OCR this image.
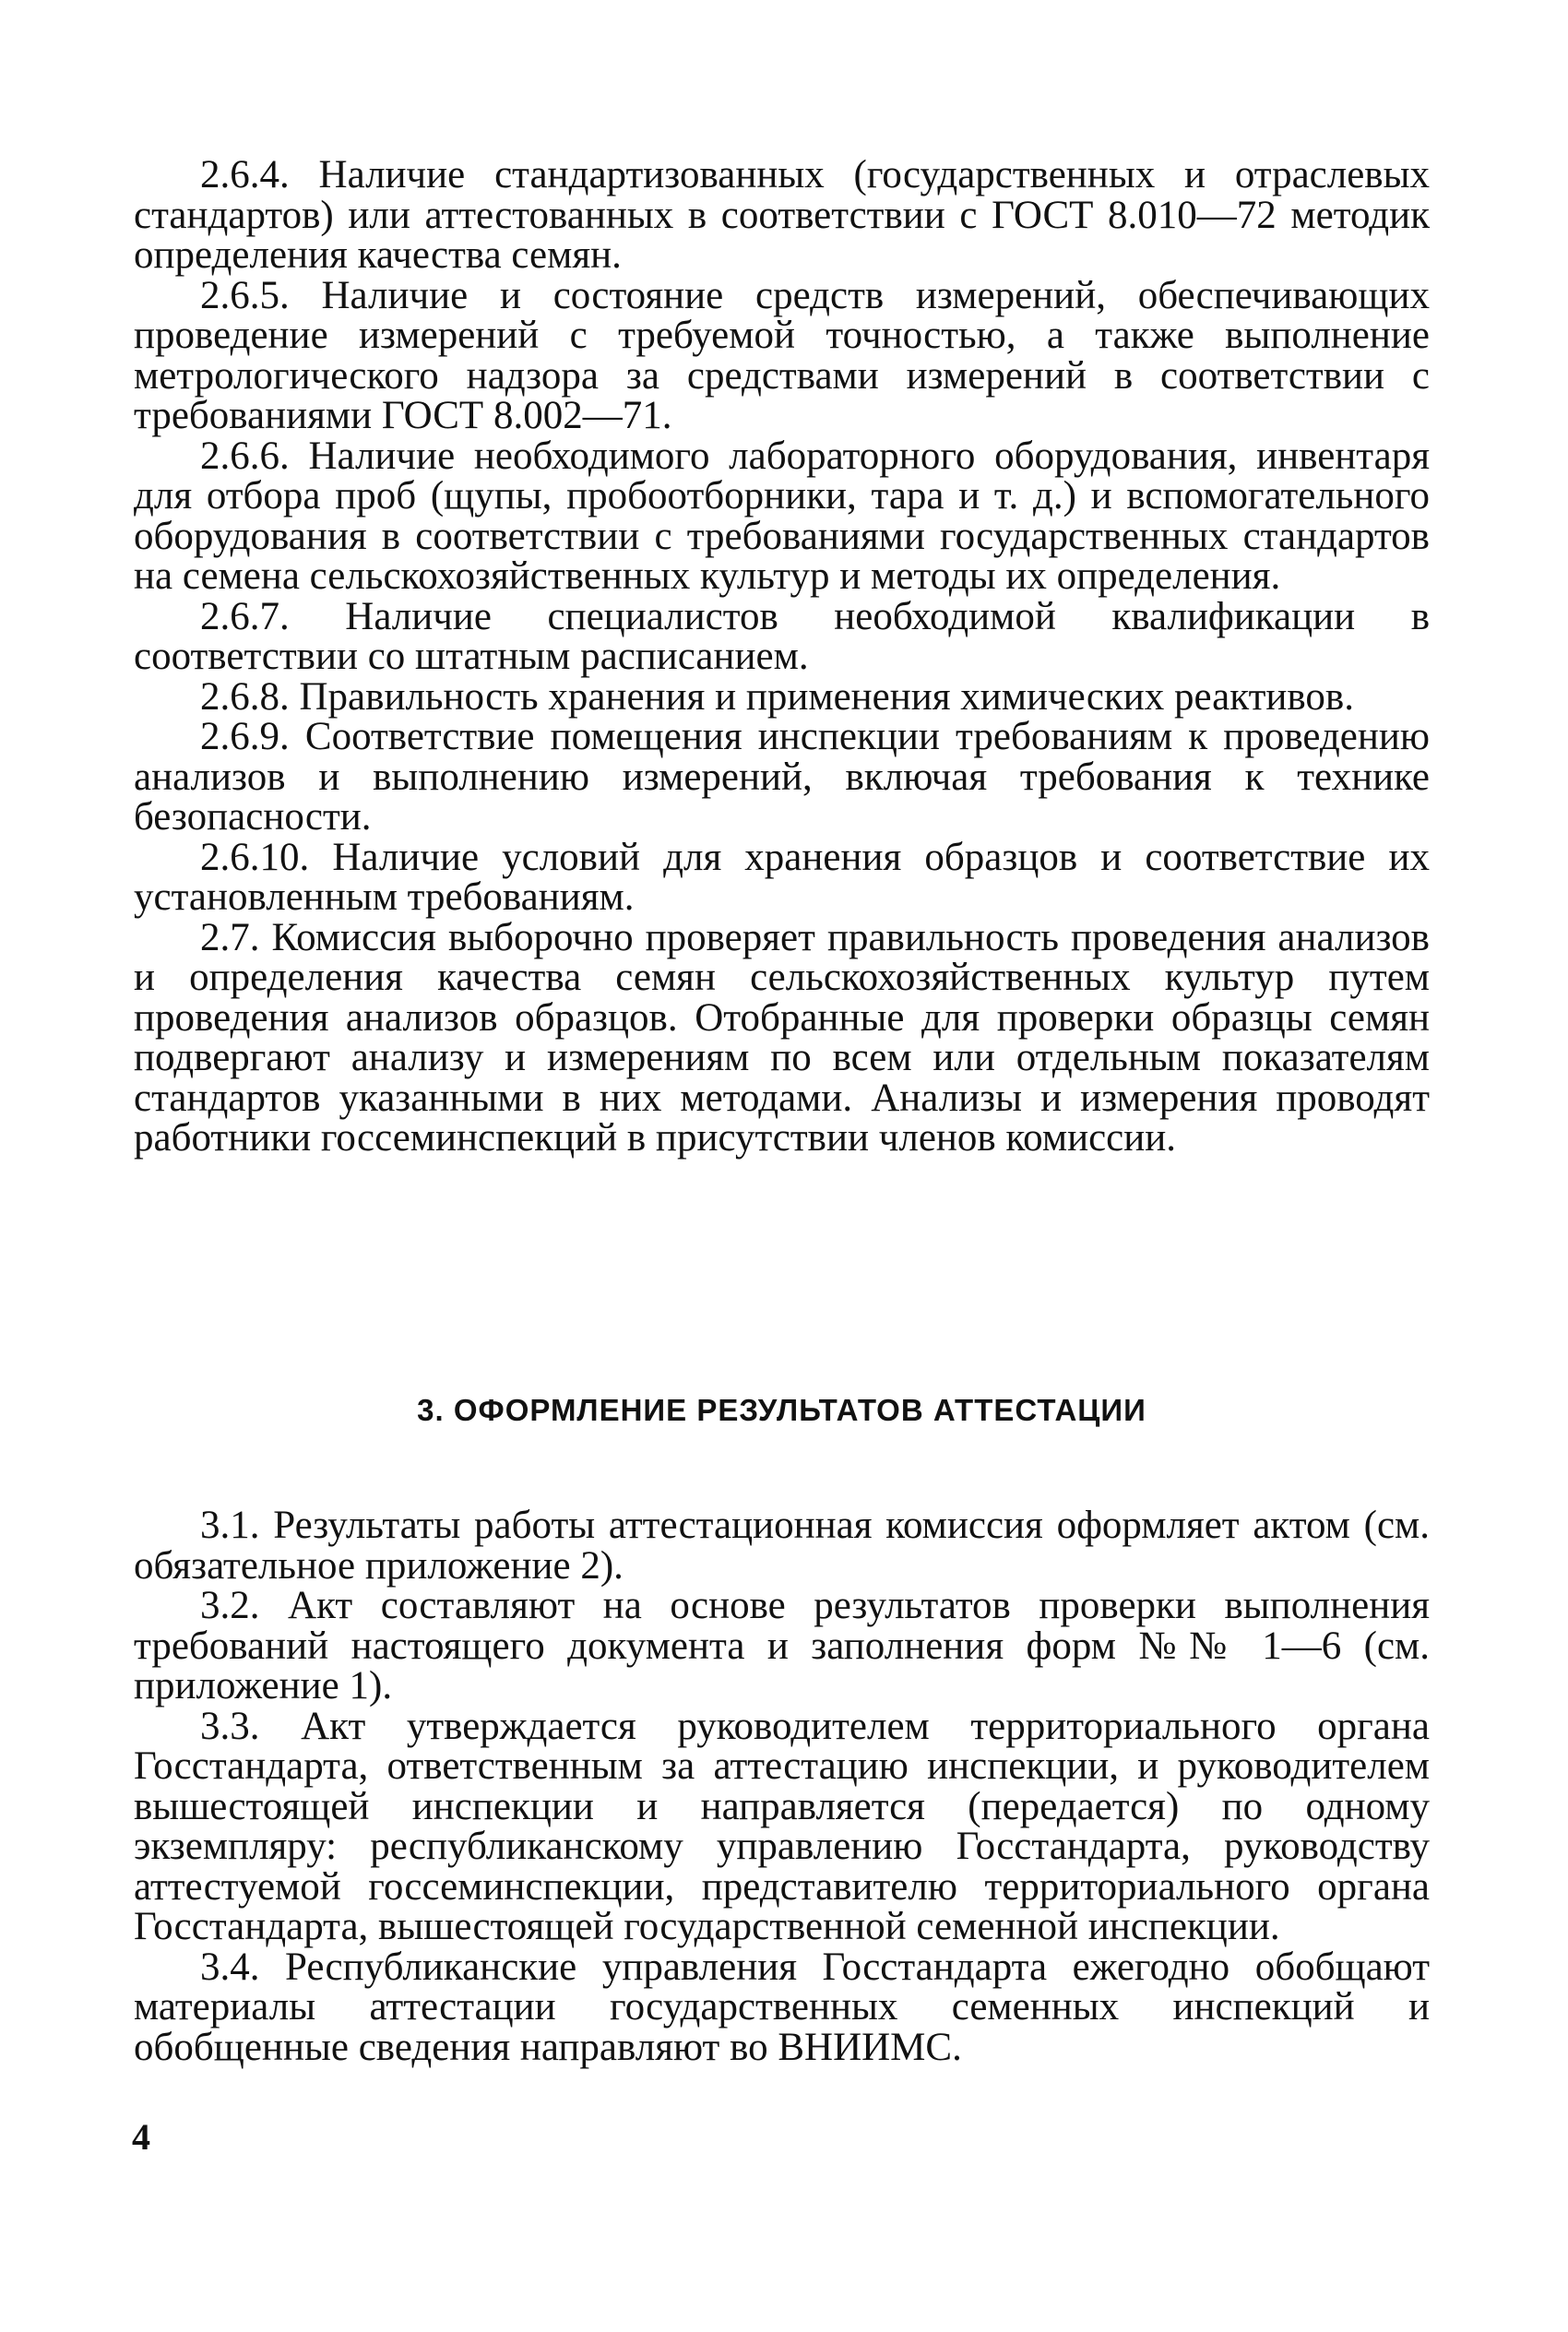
2.6.4. Наличие стандартизованных (государственных и отраслевых стандартов) или аттестованных в соответствии с ГОСТ 8.010—72 методик определения качества семян.

2.6.5. Наличие и состояние средств измерений, обеспечивающих проведение измерений с требуемой точностью, а также выполнение метрологического надзора за средствами измерений в соответствии с требованиями ГОСТ 8.002—71.

2.6.6. Наличие необходимого лабораторного оборудования, инвентаря для отбора проб (щупы, пробоотборники, тара и т. д.) и вспомогательного оборудования в соответствии с требованиями государственных стандартов на семена сельскохозяйственных культур и методы их определения.

2.6.7. Наличие специалистов необходимой квалификации в соответствии со штатным расписанием.

2.6.8. Правильность хранения и применения химических реактивов.

2.6.9. Соответствие помещения инспекции требованиям к проведению анализов и выполнению измерений, включая требования к технике безопасности.

2.6.10. Наличие условий для хранения образцов и соответствие их установленным требованиям.

2.7. Комиссия выборочно проверяет правильность проведения анализов и определения качества семян сельскохозяйственных культур путем проведения анализов образцов. Отобранные для проверки образцы семян подвергают анализу и измерениям по всем или отдельным показателям стандартов указанными в них методами. Анализы и измерения проводят работники госсеминспекций в присутствии членов комиссии.

3. ОФОРМЛЕНИЕ РЕЗУЛЬТАТОВ АТТЕСТАЦИИ

3.1. Результаты работы аттестационная комиссия оформляет актом (см. обязательное приложение 2).

3.2. Акт составляют на основе результатов проверки выполнения требований настоящего документа и заполнения форм №№ 1—6 (см. приложение 1).

3.3. Акт утверждается руководителем территориального органа Госстандарта, ответственным за аттестацию инспекции, и руководителем вышестоящей инспекции и направляется (передается) по одному экземпляру: республиканскому управлению Госстандарта, руководству аттестуемой госсеминспекции, представителю территориального органа Госстандарта, вышестоящей государственной семенной инспекции.

3.4. Республиканские управления Госстандарта ежегодно обобщают материалы аттестации государственных семенных инспекций и обобщенные сведения направляют во ВНИИМС.

4
